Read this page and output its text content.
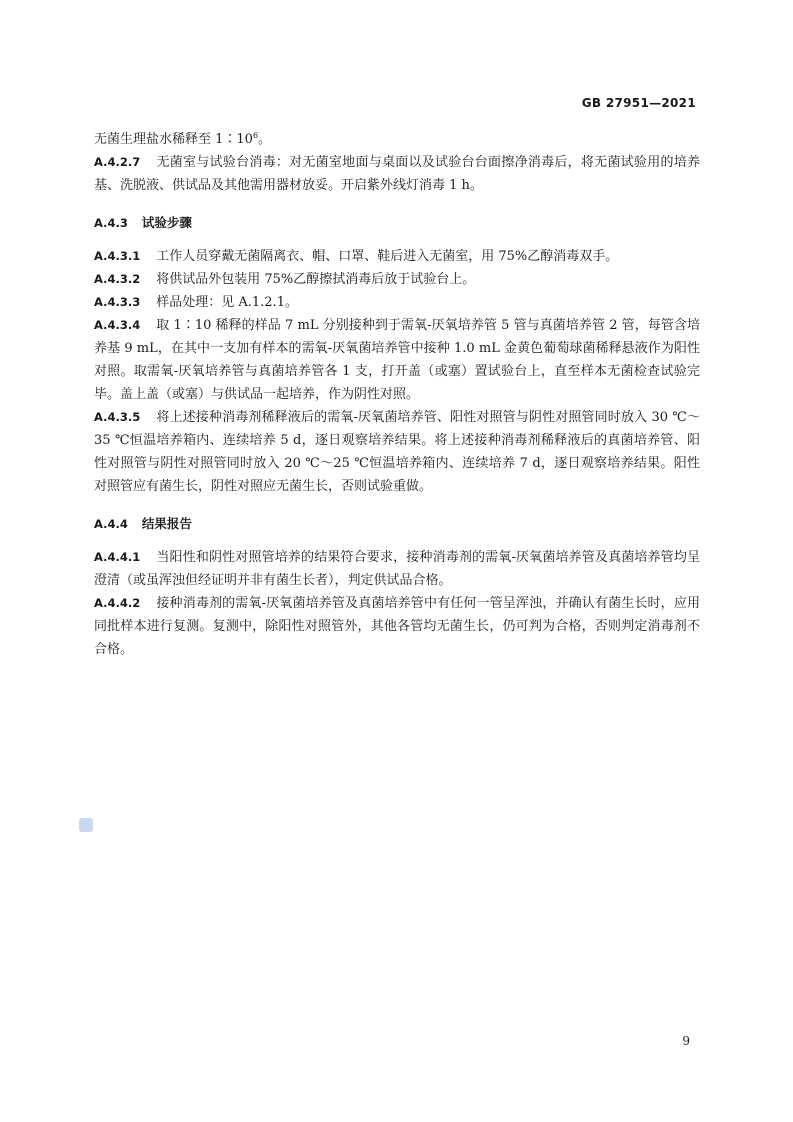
GB 27951—2021

无菌生理盐水稀释至 $1∶10^6$。

A.4.2.7 无菌室与试验台消毒：对无菌室地面与桌面以及试验台台面擦净消毒后，将无菌试验用的培养基、洗脱液、供试品及其他需用器材放妥。开启紫外线灯消毒 1 h。

A.4.3 试验步骤

A.4.3.1 工作人员穿戴无菌隔离衣、帽、口罩、鞋后进入无菌室，用 75%乙醇消毒双手。

A.4.3.2 将供试品外包装用 75%乙醇擦拭消毒后放于试验台上。

A.4.3.3 样品处理：见 A.1.2.1。

A.4.3.4 取 1∶10 稀释的样品 7 mL 分别接种到于需氧-厌氧培养管 5 管与真菌培养管 2 管，每管含培养基 9 mL，在其中一支加有样本的需氧-厌氧菌培养管中接种 1.0 mL 金黄色葡萄球菌稀释悬液作为阳性对照。取需氧-厌氧培养管与真菌培养管各 1 支，打开盖（或塞）置试验台上，直至样本无菌检查试验完毕。盖上盖（或塞）与供试品一起培养，作为阴性对照。

A.4.3.5 将上述接种消毒剂稀释液后的需氧-厌氧菌培养管、阳性对照管与阴性对照管同时放入 30 ℃～35 ℃恒温培养箱内、连续培养 5 d，逐日观察培养结果。将上述接种消毒剂稀释液后的真菌培养管、阳性对照管与阴性对照管同时放入 20 ℃～25 ℃恒温培养箱内、连续培养 7 d，逐日观察培养结果。阳性对照管应有菌生长，阴性对照应无菌生长，否则试验重做。

A.4.4 结果报告

A.4.4.1 当阳性和阴性对照管培养的结果符合要求，接种消毒剂的需氧-厌氧菌培养管及真菌培养管均呈澄清（或虽浑浊但经证明并非有菌生长者），判定供试品合格。

A.4.4.2 接种消毒剂的需氧-厌氧菌培养管及真菌培养管中有任何一管呈浑浊，并确认有菌生长时，应用同批样本进行复测。复测中，除阳性对照管外，其他各管均无菌生长，仍可判为合格，否则判定消毒剂不合格。

9
